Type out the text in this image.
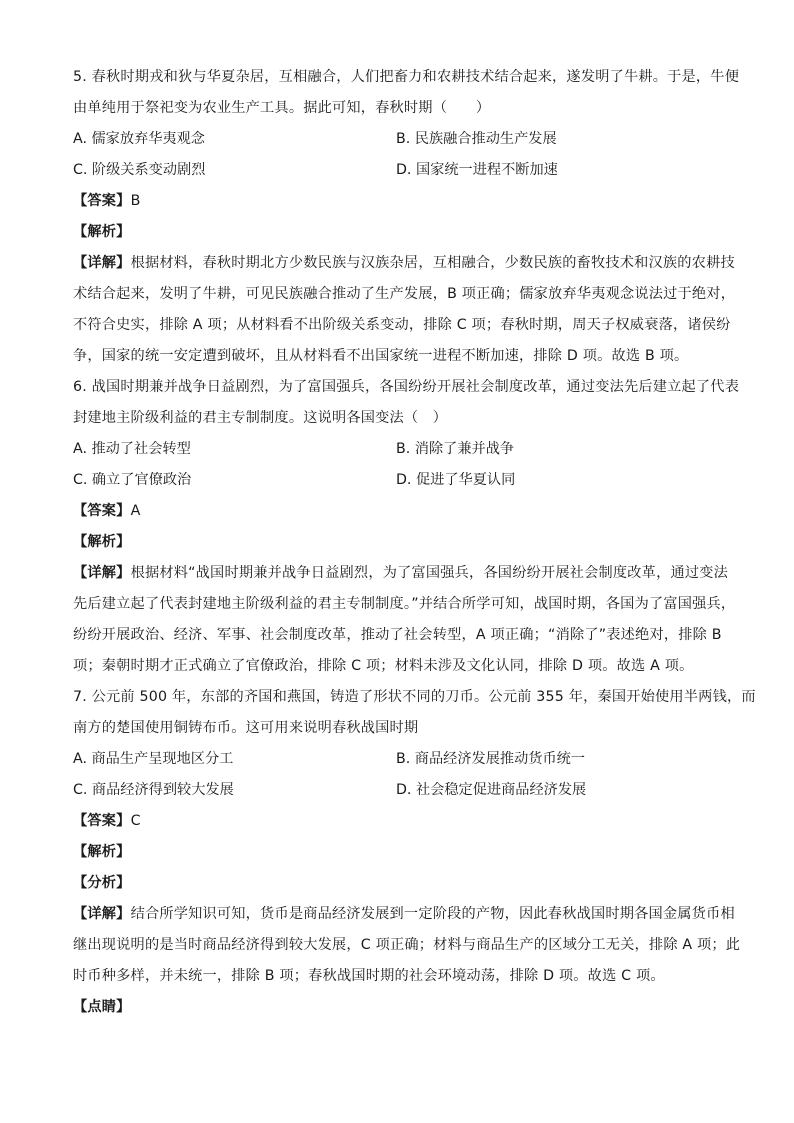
5. 春秋时期戎和狄与华夏杂居，互相融合，人们把畜力和农耕技术结合起来，遂发明了牛耕。于是，牛便
由单纯用于祭祀变为农业生产工具。据此可知，春秋时期（　　）
A. 儒家放弃华夷观念	B. 民族融合推动生产发展
C. 阶级关系变动剧烈	D. 国家统一进程不断加速
【答案】B
【解析】
【详解】根据材料，春秋时期北方少数民族与汉族杂居，互相融合，少数民族的畜牧技术和汉族的农耕技
术结合起来，发明了牛耕，可见民族融合推动了生产发展，B 项正确；儒家放弃华夷观念说法过于绝对，
不符合史实，排除 A 项；从材料看不出阶级关系变动，排除 C 项；春秋时期，周天子权威衰落，诸侯纷
争，国家的统一安定遭到破坏，且从材料看不出国家统一进程不断加速，排除 D 项。故选 B 项。
6. 战国时期兼并战争日益剧烈，为了富国强兵，各国纷纷开展社会制度改革，通过变法先后建立起了代表
封建地主阶级利益的君主专制制度。这说明各国变法（　）
A. 推动了社会转型	B. 消除了兼并战争
C. 确立了官僚政治	D. 促进了华夏认同
【答案】A
【解析】
【详解】根据材料“战国时期兼并战争日益剧烈，为了富国强兵，各国纷纷开展社会制度改革，通过变法
先后建立起了代表封建地主阶级利益的君主专制制度。”并结合所学可知，战国时期，各国为了富国强兵，
纷纷开展政治、经济、军事、社会制度改革，推动了社会转型，A 项正确；“消除了”表述绝对，排除 B
项；秦朝时期才正式确立了官僚政治，排除 C 项；材料未涉及文化认同，排除 D 项。故选 A 项。
7. 公元前 500 年，东部的齐国和燕国，铸造了形状不同的刀币。公元前 355 年，秦国开始使用半两钱，而
南方的楚国使用铜铸布币。这可用来说明春秋战国时期
A. 商品生产呈现地区分工	B. 商品经济发展推动货币统一
C. 商品经济得到较大发展	D. 社会稳定促进商品经济发展
【答案】C
【解析】
【分析】
【详解】结合所学知识可知，货币是商品经济发展到一定阶段的产物，因此春秋战国时期各国金属货币相
继出现说明的是当时商品经济得到较大发展，C 项正确；材料与商品生产的区域分工无关，排除 A 项；此
时币种多样，并未统一，排除 B 项；春秋战国时期的社会环境动荡，排除 D 项。故选 C 项。
【点睛】
